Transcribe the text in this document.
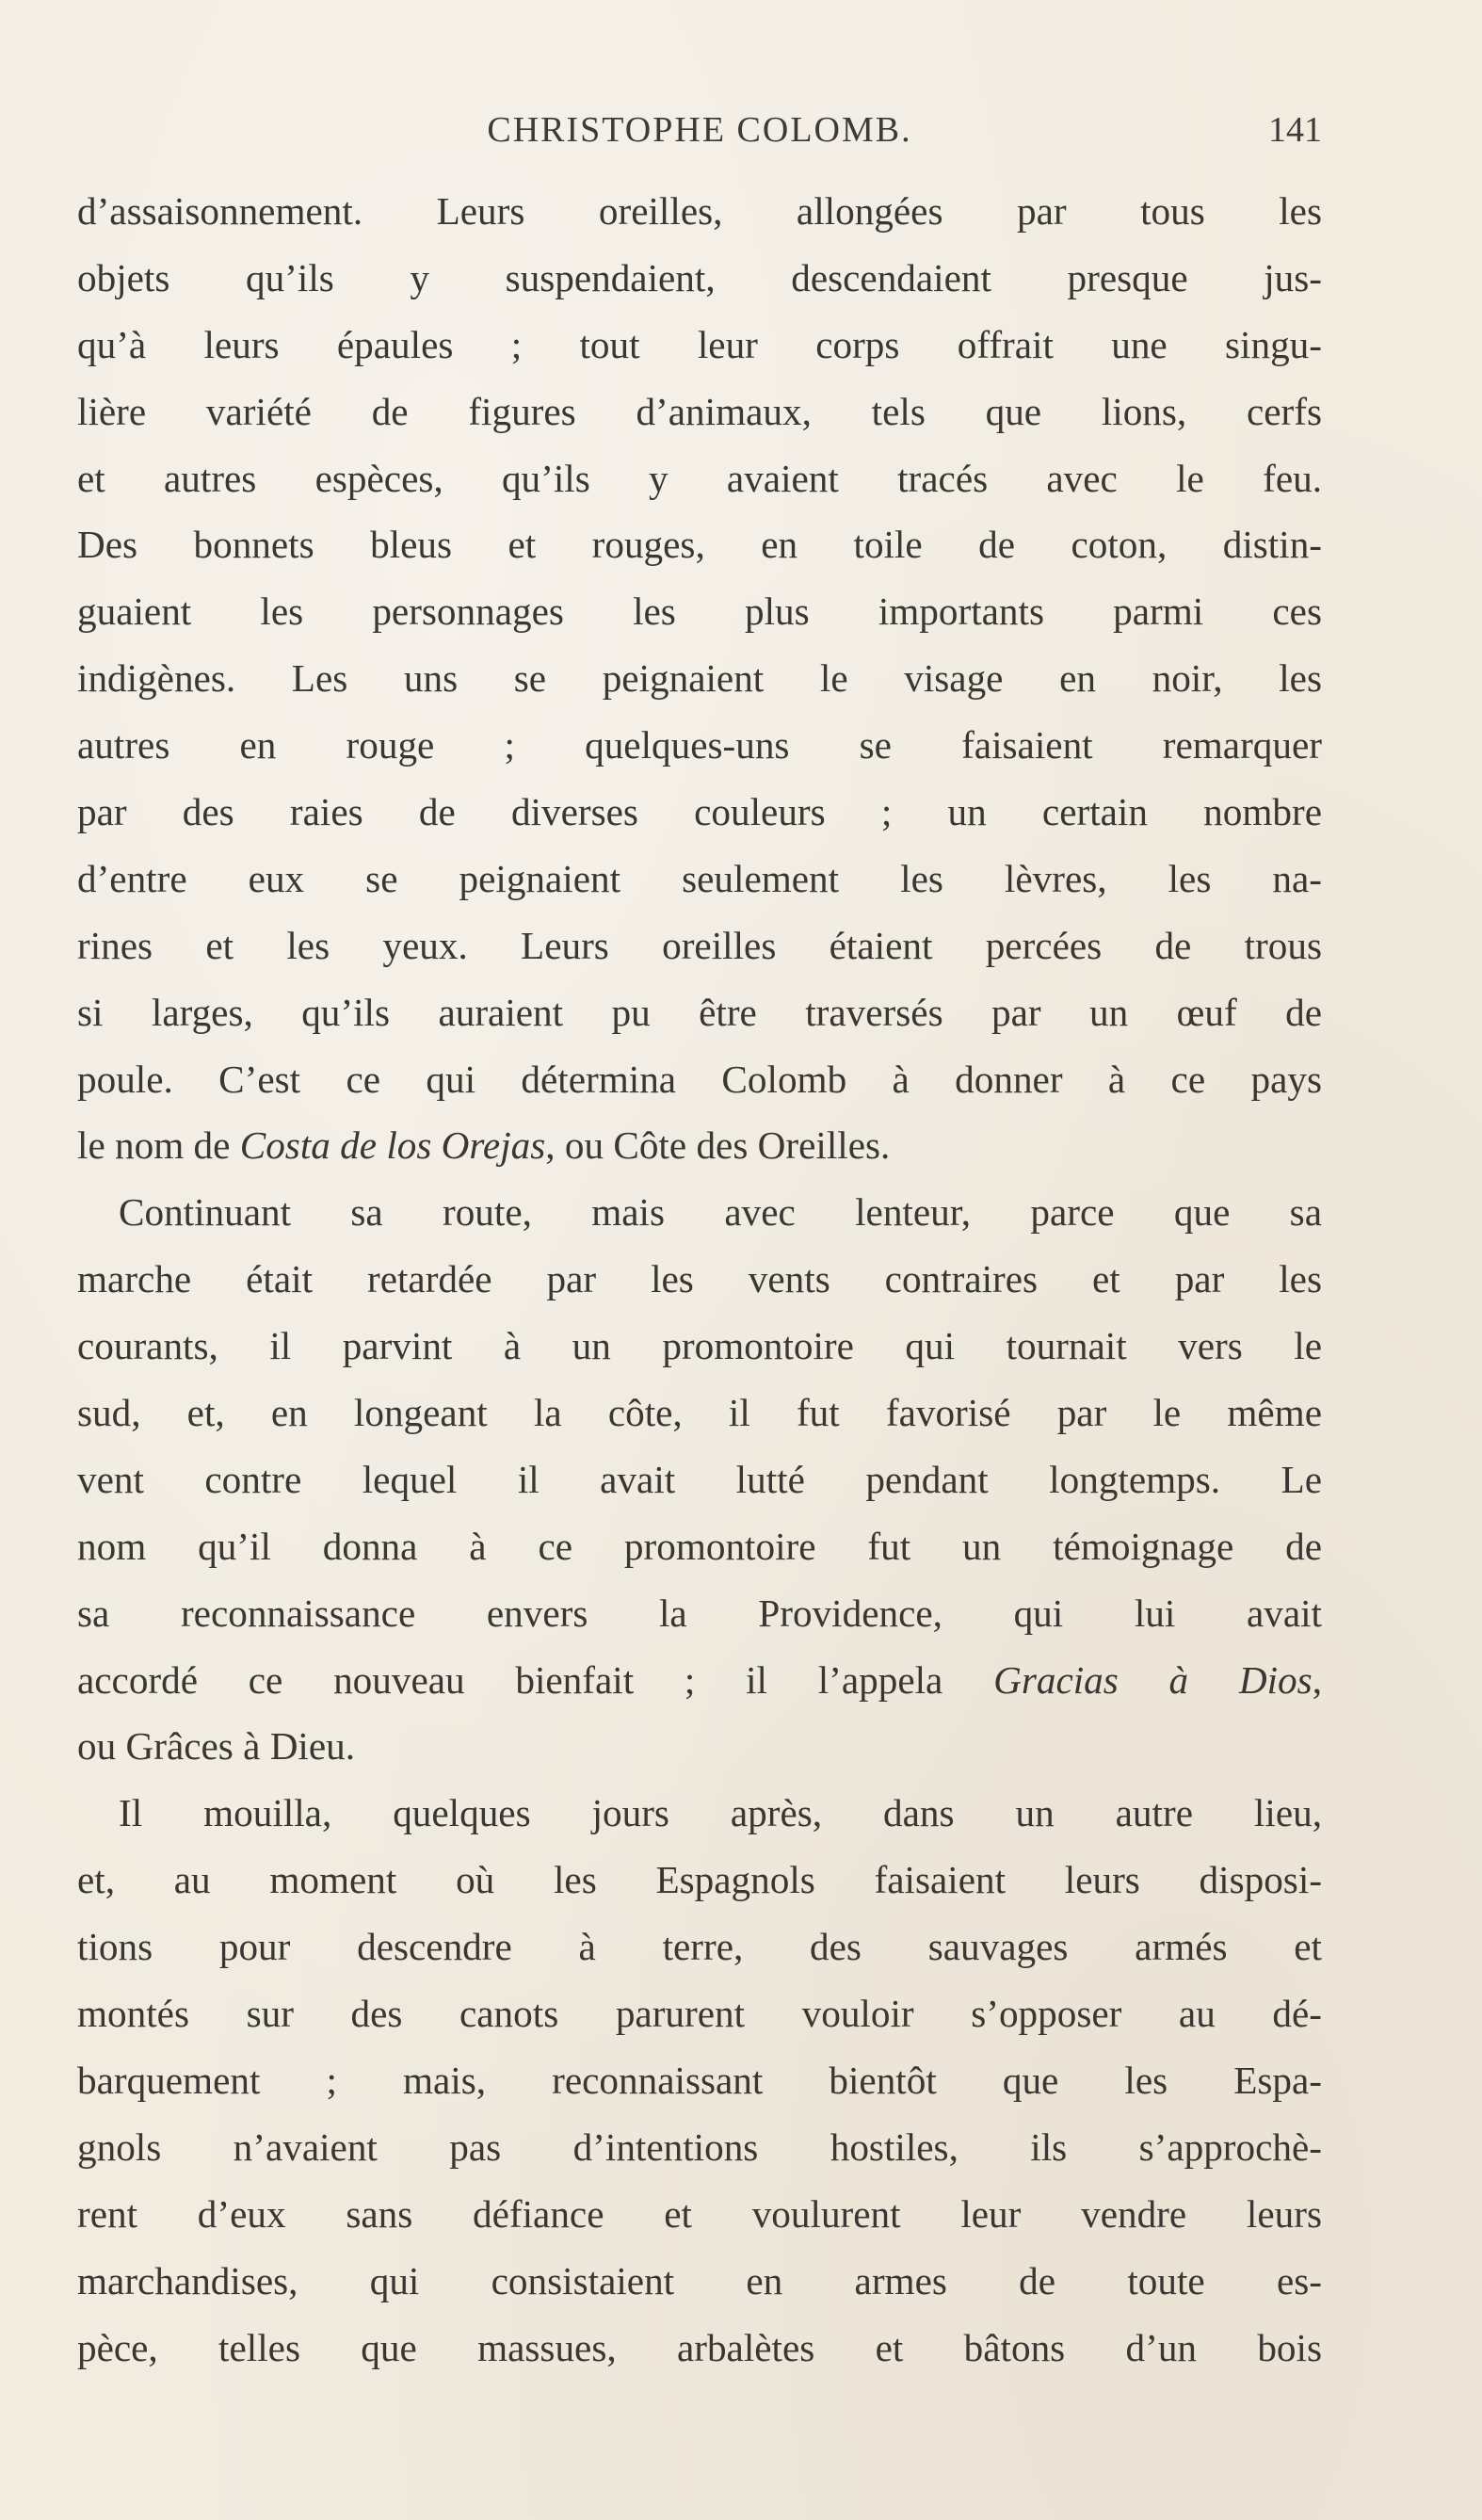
CHRISTOPHE COLOMB.	141
d’assaisonnement. Leurs oreilles, allongées par tous les
objets qu’ils y suspendaient, descendaient presque jus-
qu’à leurs épaules ; tout leur corps offrait une singu-
lière variété de figures d’animaux, tels que lions, cerfs
et autres espèces, qu’ils y avaient tracés avec le feu.
Des bonnets bleus et rouges, en toile de coton, distin-
guaient les personnages les plus importants parmi ces
indigènes. Les uns se peignaient le visage en noir, les
autres en rouge ; quelques-uns se faisaient remarquer
par des raies de diverses couleurs ; un certain nombre
d’entre eux se peignaient seulement les lèvres, les na-
rines et les yeux. Leurs oreilles étaient percées de trous
si larges, qu’ils auraient pu être traversés par un œuf de
poule. C’est ce qui détermina Colomb à donner à ce pays
le nom de Costa de los Orejas, ou Côte des Oreilles.
Continuant sa route, mais avec lenteur, parce que sa
marche était retardée par les vents contraires et par les
courants, il parvint à un promontoire qui tournait vers le
sud, et, en longeant la côte, il fut favorisé par le même
vent contre lequel il avait lutté pendant longtemps. Le
nom qu’il donna à ce promontoire fut un témoignage de
sa reconnaissance envers la Providence, qui lui avait
accordé ce nouveau bienfait ; il l’appela Gracias à Dios,
ou Grâces à Dieu.
Il mouilla, quelques jours après, dans un autre lieu,
et, au moment où les Espagnols faisaient leurs disposi-
tions pour descendre à terre, des sauvages armés et
montés sur des canots parurent vouloir s’opposer au dé-
barquement ; mais, reconnaissant bientôt que les Espa-
gnols n’avaient pas d’intentions hostiles, ils s’approchè-
rent d’eux sans défiance et voulurent leur vendre leurs
marchandises, qui consistaient en armes de toute es-
pèce, telles que massues, arbalètes et bâtons d’un bois
